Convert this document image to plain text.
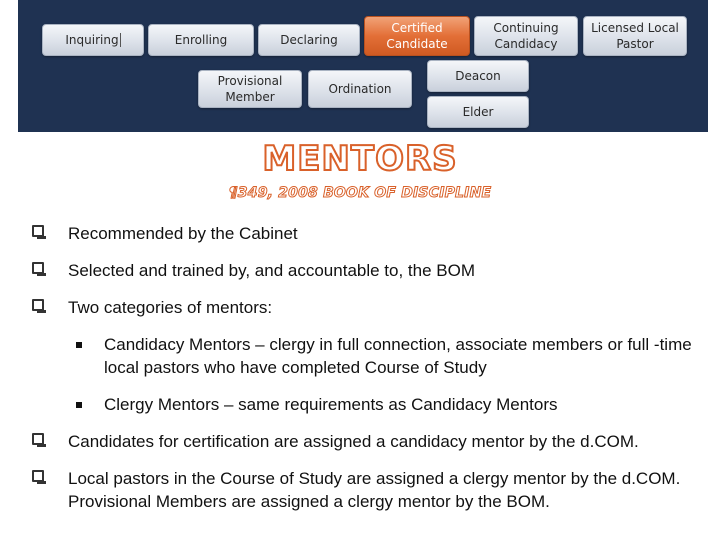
Inquiring	Enrolling	Declaring
Certified Candidate
Continuing Candidacy
Licensed Local Pastor
Provisional Member
Ordination
Deacon
Elder
MENTORS
¶349, 2008 BOOK OF DISCIPLINE
Recommended by the Cabinet
Selected and trained by, and accountable to, the BOM
Two categories of mentors:
Candidacy Mentors – clergy in full connection, associate members or full -time local pastors who have completed Course of Study
Clergy Mentors – same requirements as Candidacy Mentors
Candidates for certification are assigned a candidacy mentor by the d.COM.
Local pastors in the Course of Study are assigned a clergy mentor by the d.COM. Provisional Members are assigned a clergy mentor by the BOM.
